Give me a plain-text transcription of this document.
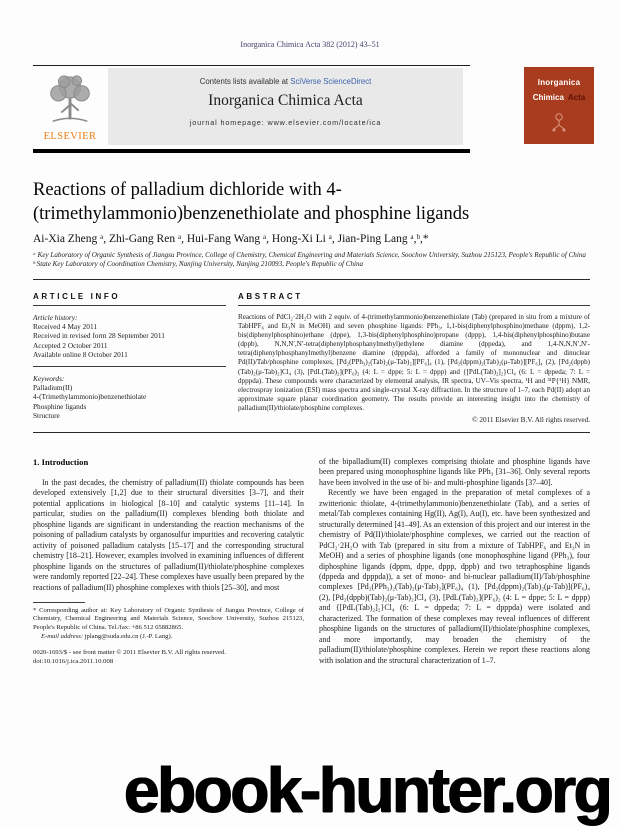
Inorganica Chimica Acta 382 (2012) 43–51
ELSEVIER
Contents lists available at SciVerse ScienceDirect
Inorganica Chimica Acta
journal homepage: www.elsevier.com/locate/ica
Inorganica
Chimica Acta
Reactions of palladium dichloride with 4-(trimethylammonio)benzenethiolate and phosphine ligands
Ai-Xia Zheng ᵃ, Zhi-Gang Ren ᵃ, Hui-Fang Wang ᵃ, Hong-Xi Li ᵃ, Jian-Ping Lang ᵃ,ᵇ,*
ᵃ Key Laboratory of Organic Synthesis of Jiangsu Province, College of Chemistry, Chemical Engineering and Materials Science, Soochow University, Suzhou 215123, People's Republic of China
ᵇ State Key Laboratory of Coordination Chemistry, Nanjing University, Nanjing 210093, People's Republic of China
ARTICLE INFO
Article history:
Received 4 May 2011
Received in revised form 28 September 2011
Accepted 2 October 2011
Available online 8 October 2011
Keywords:
Palladium(II)
4-(Trimethylammonio)benzenethiolate
Phosphine ligands
Structure
ABSTRACT
Reactions of PdCl₂·2H₂O with 2 equiv. of 4-(trimethylammonio)benzenethiolate (Tab) (prepared in situ from a mixture of TabHPF₆ and Et₃N in MeOH) and seven phosphine ligands: PPh₃, 1,1-bis(diphenylphosphino)methane (dppm), 1,2-bis(diphenylphosphino)ethane (dppe), 1,3-bis(diphenylphosphino)propane (dppp), 1,4-bis(diphenylphosphino)butane (dppb), N,N,N′,N′-tetra(diphenylphosphanylmethyl)ethylene diamine (dppeda), and 1,4-N,N,N′,N′-tetra(diphenylphosphanylmethyl)benzene diamine (dpppda), afforded a family of mononuclear and dinuclear Pd(II)/Tab/phosphine complexes, [Pd₂(PPh₃)₂(Tab)₂(μ-Tab)₂][PF₆]₄ (1), [Pd₂(dppm)₂(Tab)₂(μ-Tab)][PF₆]₄ (2), [Pd₂(dppb)(Tab)₂(μ-Tab)₂]Cl₄ (3), [PdL(Tab)₂](PF₆)₂ (4: L = dppe; 5: L = dppp) and {[PdL(Tab)₂]₂}Cl₄ (6: L = dppeda; 7: L = dpppda). These compounds were characterized by elemental analysis, IR spectra, UV–Vis spectra, ¹H and ³¹P{¹H} NMR, electrospray ionization (ESI) mass spectra and single-crystal X-ray diffraction. In the structure of 1–7, each Pd(II) adopt an approximate square planar coordination geometry. The results provide an interesting insight into the chemistry of palladium(II)/thiolate/phosphine complexes.
© 2011 Elsevier B.V. All rights reserved.
1. Introduction
In the past decades, the chemistry of palladium(II) thiolate compounds has been developed extensively [1,2] due to their structural diversities [3–7], and their potential applications in biological [8–10] and catalytic systems [11–14]. In particular, studies on the palladium(II) complexes blending both thiolate and phosphine ligands are significant in understanding the reaction mechanisms of the poisoning of palladium catalysts by organosulfur impurities and recovering catalytic activity of poisoned palladium catalysts [15–17] and the corresponding structural chemistry [18–21]. However, examples involved in examining influences of different phosphine ligands on the structures of palladium(II)/thiolate/phosphine complexes were randomly reported [22–24]. These complexes have usually been prepared by the reactions of palladium(II) phosphine complexes with thiols [25–30], and most
* Corresponding author at: Key Laboratory of Organic Synthesis of Jiangsu Province, College of Chemistry, Chemical Engineering and Materials Science, Soochow University, Suzhou 215123, People's Republic of China. Tel./fax: +86 512 65882865.
E-mail address: jplang@suda.edu.cn (J.-P. Lang).
0020-1693/$ - see front matter © 2011 Elsevier B.V. All rights reserved.
doi:10.1016/j.ica.2011.10.008
of the bipalladium(II) complexes comprising thiolate and phosphine ligands have been prepared using monophosphine ligands like PPh₃ [31–36]. Only several reports have been involved in the use of bi- and multi-phosphine ligands [37–40].
Recently we have been engaged in the preparation of metal complexes of a zwitterionic thiolate, 4-(trimethylammonio)benzenethiolate (Tab), and a series of metal/Tab complexes containing Hg(II), Ag(I), Au(I), etc. have been synthesized and structurally determined [41–49]. As an extension of this project and our interest in the chemistry of Pd(II)/thiolate/phosphine complexes, we carried out the reaction of PdCl₂·2H₂O with Tab (prepared in situ from a mixture of TabHPF₆ and Et₃N in MeOH) and a series of phosphine ligands (one monophosphine ligand (PPh₃), four diphosphine ligands (dppm, dppe, dppp, dppb) and two tetraphosphine ligands (dppeda and dpppda)), a set of mono- and bi-nuclear palladium(II)/Tab/phosphine complexes [Pd₂(PPh₃)₂(Tab)₂(μ-Tab)₂](PF₆)₄ (1), [Pd₂(dppm)₂(Tab)₂(μ-Tab)](PF₆)₄ (2), [Pd₂(dppb)(Tab)₂(μ-Tab)₂]Cl₄ (3), [PdL(Tab)₂](PF₆)₂ (4: L = dppe; 5: L = dppp) and {[PdL(Tab)₂]₂}Cl₄ (6: L = dppeda; 7: L = dpppda) were isolated and characterized. The formation of these complexes may reveal influences of different phosphine ligands on the structures of palladium(II)/thiolate/phosphine complexes, and more importantly, may broaden the chemistry of the palladium(II)/thiolate/phosphine complexes. Herein we report these reactions along with isolation and the structural characterization of 1–7.
ebook-hunter.org
